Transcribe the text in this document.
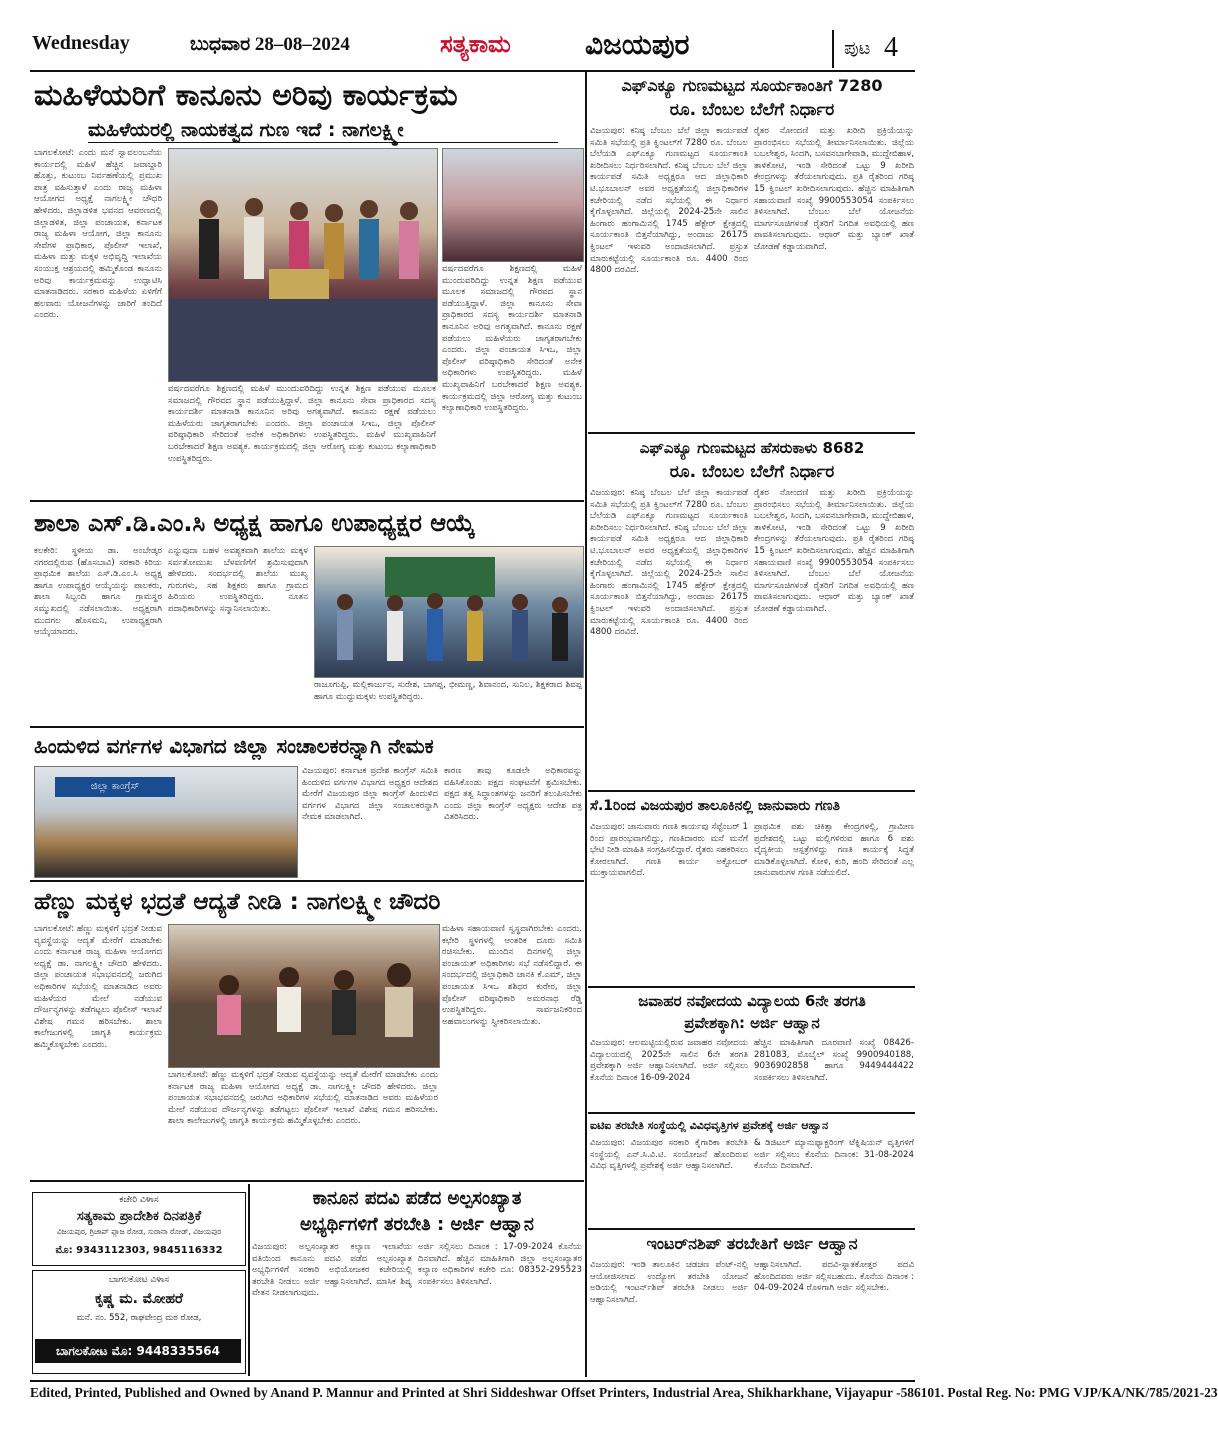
Wednesday	ಬುಧವಾರ 28–08–2024	ಸತ್ಯಕಾಮ	ವಿಜಯಪುರ	ಪುಟ 4
ಮಹಿಳೆಯರಿಗೆ ಕಾನೂನು ಅರಿವು ಕಾರ್ಯಕ್ರಮ
ಮಹಿಳೆಯರಲ್ಲಿ ನಾಯಕತ್ವದ ಗುಣ ಇದೆ : ನಾಗಲಕ್ಷ್ಮೀ
ಬಾಗಲಕೋಟೆ: ಎಂದು ಮನೆ ಸ್ವಾವಲಂಬನೆಯ ಕಾರ್ಯದಲ್ಲಿ ಮಹಿಳೆ ಹೆಚ್ಚಿನ ಜವಾಬ್ದಾರಿ ಹೊತ್ತು, ಕುಟುಂಬ ನಿರ್ವಹಣೆಯಲ್ಲಿ ಪ್ರಮುಖ ಪಾತ್ರ ವಹಿಸುತ್ತಾಳೆ ಎಂದು ರಾಜ್ಯ ಮಹಿಳಾ ಆಯೋಗದ ಅಧ್ಯಕ್ಷೆ ನಾಗಲಕ್ಷ್ಮೀ ಚೌಧರಿ ಹೇಳಿದರು. ಜಿಲ್ಲಾಡಳಿತ ಭವನದ ಆವರಣದಲ್ಲಿ ಜಿಲ್ಲಾಡಳಿತ, ಜಿಲ್ಲಾ ಪಂಚಾಯತ, ಕರ್ನಾಟಕ ರಾಜ್ಯ ಮಹಿಳಾ ಆಯೋಗ, ಜಿಲ್ಲಾ ಕಾನೂನು ಸೇವೆಗಳ ಪ್ರಾಧಿಕಾರ, ಪೊಲೀಸ್ ಇಲಾಖೆ, ಮಹಿಳಾ ಮತ್ತು ಮಕ್ಕಳ ಅಭಿವೃದ್ಧಿ ಇಲಾಖೆಯ ಸಂಯುಕ್ತ ಆಶ್ರಯದಲ್ಲಿ ಹಮ್ಮಿಕೊಂಡ ಕಾನೂನು ಅರಿವು ಕಾರ್ಯಕ್ರಮವನ್ನು ಉದ್ಘಾಟಿಸಿ ಮಾತನಾಡಿದರು. ಸರಕಾರ ಮಹಿಳೆಯ ಏಳಿಗೆಗೆ ಹಲವಾರು ಯೋಜನೆಗಳನ್ನು ಜಾರಿಗೆ ತಂದಿದೆ ಎಂದರು.
ವರ್ಷದವರೆಗೂ ಶಿಕ್ಷಣದಲ್ಲಿ ಮಹಿಳೆ ಮುಂದುವರಿದಿದ್ದು ಉನ್ನತ ಶಿಕ್ಷಣ ಪಡೆಯುವ ಮೂಲಕ ಸಮಾಜದಲ್ಲಿ ಗೌರವದ ಸ್ಥಾನ ಪಡೆಯುತ್ತಿದ್ದಾಳೆ. ಜಿಲ್ಲಾ ಕಾನೂನು ಸೇವಾ ಪ್ರಾಧಿಕಾರದ ಸದಸ್ಯ ಕಾರ್ಯದರ್ಶಿ ಮಾತನಾಡಿ ಕಾನೂನಿನ ಅರಿವು ಅಗತ್ಯವಾಗಿದೆ. ಕಾನೂನು ರಕ್ಷಣೆ ಪಡೆಯಲು ಮಹಿಳೆಯರು ಜಾಗೃತರಾಗಬೇಕು ಎಂದರು. ಜಿಲ್ಲಾ ಪಂಚಾಯತ ಸಿಇಒ, ಜಿಲ್ಲಾ ಪೊಲೀಸ್ ವರಿಷ್ಠಾಧಿಕಾರಿ ಸೇರಿದಂತೆ ಅನೇಕ ಅಧಿಕಾರಿಗಳು ಉಪಸ್ಥಿತರಿದ್ದರು. ಮಹಿಳೆ ಮುಖ್ಯವಾಹಿನಿಗೆ ಬರಬೇಕಾದರೆ ಶಿಕ್ಷಣ ಅವಶ್ಯಕ. ಕಾರ್ಯಕ್ರಮದಲ್ಲಿ ಜಿಲ್ಲಾ ಆರೋಗ್ಯ ಮತ್ತು ಕುಟುಂಬ ಕಲ್ಯಾಣಾಧಿಕಾರಿ ಉಪಸ್ಥಿತರಿದ್ದರು.
ವರ್ಷದವರೆಗೂ ಶಿಕ್ಷಣದಲ್ಲಿ ಮಹಿಳೆ ಮುಂದುವರಿದಿದ್ದು ಉನ್ನತ ಶಿಕ್ಷಣ ಪಡೆಯುವ ಮೂಲಕ ಸಮಾಜದಲ್ಲಿ ಗೌರವದ ಸ್ಥಾನ ಪಡೆಯುತ್ತಿದ್ದಾಳೆ. ಜಿಲ್ಲಾ ಕಾನೂನು ಸೇವಾ ಪ್ರಾಧಿಕಾರದ ಸದಸ್ಯ ಕಾರ್ಯದರ್ಶಿ ಮಾತನಾಡಿ ಕಾನೂನಿನ ಅರಿವು ಅಗತ್ಯವಾಗಿದೆ. ಕಾನೂನು ರಕ್ಷಣೆ ಪಡೆಯಲು ಮಹಿಳೆಯರು ಜಾಗೃತರಾಗಬೇಕು ಎಂದರು. ಜಿಲ್ಲಾ ಪಂಚಾಯತ ಸಿಇಒ, ಜಿಲ್ಲಾ ಪೊಲೀಸ್ ವರಿಷ್ಠಾಧಿಕಾರಿ ಸೇರಿದಂತೆ ಅನೇಕ ಅಧಿಕಾರಿಗಳು ಉಪಸ್ಥಿತರಿದ್ದರು. ಮಹಿಳೆ ಮುಖ್ಯವಾಹಿನಿಗೆ ಬರಬೇಕಾದರೆ ಶಿಕ್ಷಣ ಅವಶ್ಯಕ. ಕಾರ್ಯಕ್ರಮದಲ್ಲಿ ಜಿಲ್ಲಾ ಆರೋಗ್ಯ ಮತ್ತು ಕುಟುಂಬ ಕಲ್ಯಾಣಾಧಿಕಾರಿ ಉಪಸ್ಥಿತರಿದ್ದರು.
ಶಾಲಾ ಎಸ್.ಡಿ.ಎಂ.ಸಿ ಅಧ್ಯಕ್ಷ ಹಾಗೂ ಉಪಾಧ್ಯಕ್ಷರ ಆಯ್ಕೆ
ಕಲಕೇರಿ: ಸ್ಥಳೀಯ ಡಾ. ಅಂಬೇಡ್ಕರ ನಗರದಲ್ಲಿರುವ (ಹೊಸಬಾವಿ) ಸರಕಾರಿ ಕಿರಿಯ ಪ್ರಾಥಮಿಕ ಶಾಲೆಯ ಎಸ್.ಡಿ.ಎಂ.ಸಿ ಅಧ್ಯಕ್ಷ ಹಾಗೂ ಉಪಾಧ್ಯಕ್ಷರ ಆಯ್ಕೆಯನ್ನು ಪಾಲಕರು, ಶಾಲಾ ಸಿಬ್ಬಂದಿ ಹಾಗೂ ಗ್ರಾಮಸ್ಥರ ಸಮ್ಮುಖದಲ್ಲಿ ನಡೆಸಲಾಯಿತು. ಅಧ್ಯಕ್ಷರಾಗಿ ಮುದಗಲ ಹೊಸಮನಿ, ಉಪಾಧ್ಯಕ್ಷರಾಗಿ ಆಯ್ಕೆಯಾದರು.
ಎನ್ನುವುದಾ ಬಹಳ ಅವಶ್ಯಕವಾಗಿ ಶಾಲೆಯ ಮಕ್ಕಳ ಸರ್ವತೋಮುಖ ಬೆಳವಣಿಗೆಗೆ ಶ್ರಮಿಸುವುದಾಗಿ ಹೇಳಿದರು. ಸಂದರ್ಭದಲ್ಲಿ ಶಾಲೆಯ ಮುಖ್ಯ ಗುರುಗಳು, ಸಹ ಶಿಕ್ಷಕರು ಹಾಗೂ ಗ್ರಾಮದ ಹಿರಿಯರು ಉಪಸ್ಥಿತರಿದ್ದರು. ನೂತನ ಪದಾಧಿಕಾರಿಗಳನ್ನು ಸನ್ಮಾನಿಸಲಾಯಿತು.
ರಾಜೂಗುಪ್ಪಿ, ಮಲ್ಲಿಕಾರ್ಜುನ, ಸುರೇಶ, ಬಾಗಪ್ಪ, ಭೀಮಣ್ಣ, ಶಿವಾನಂದ, ಸುನಿಲ, ಶಿಕ್ಷಕರಾದ ಶಿವಪ್ಪ ಹಾಗೂ ಮುದ್ದುಮಕ್ಕಳು ಉಪಸ್ಥಿತರಿದ್ದರು.
ಹಿಂದುಳಿದ ವರ್ಗಗಳ ವಿಭಾಗದ ಜಿಲ್ಲಾ ಸಂಚಾಲಕರನ್ನಾಗಿ ನೇಮಕ
ಜಿಲ್ಲಾ ಕಾಂಗ್ರೆಸ್
ವಿಜಯಪುರ: ಕರ್ನಾಟಕ ಪ್ರದೇಶ ಕಾಂಗ್ರೆಸ್ ಸಮಿತಿ ಹಿಂದುಳಿದ ವರ್ಗಗಳ ವಿಭಾಗದ ಅಧ್ಯಕ್ಷರ ಆದೇಶದ ಮೇರೆಗೆ ವಿಜಯಪುರ ಜಿಲ್ಲಾ ಕಾಂಗ್ರೆಸ್ ಹಿಂದುಳಿದ ವರ್ಗಗಳ ವಿಭಾಗದ ಜಿಲ್ಲಾ ಸಂಚಾಲಕರನ್ನಾಗಿ ನೇಮಕ ಮಾಡಲಾಗಿದೆ.
ಕಾರಣ ತಾವು ಕೂಡಲೇ ಅಧಿಕಾರವನ್ನು ವಹಿಸಿಕೊಂಡು ಪಕ್ಷದ ಸಂಘಟನೆಗೆ ಶ್ರಮಿಸಬೇಕು. ಪಕ್ಷದ ತತ್ವ ಸಿದ್ಧಾಂತಗಳನ್ನು ಜನರಿಗೆ ತಲುಪಿಸಬೇಕು ಎಂದು ಜಿಲ್ಲಾ ಕಾಂಗ್ರೆಸ್ ಅಧ್ಯಕ್ಷರು ಆದೇಶ ಪತ್ರ ವಿತರಿಸಿದರು.
ಹೆಣ್ಣು ಮಕ್ಕಳ ಭದ್ರತೆ ಆದ್ಯತೆ ನೀಡಿ : ನಾಗಲಕ್ಷ್ಮೀ ಚೌದರಿ
ಬಾಗಲಕೋಟೆ: ಹೆಣ್ಣು ಮಕ್ಕಳಿಗೆ ಭದ್ರತೆ ನೀಡುವ ವ್ಯವಸ್ಥೆಯನ್ನು ಆದ್ಯತೆ ಮೇರೆಗೆ ಮಾಡಬೇಕು ಎಂದು ಕರ್ನಾಟಕ ರಾಜ್ಯ ಮಹಿಳಾ ಆಯೋಗದ ಅಧ್ಯಕ್ಷೆ ಡಾ. ನಾಗಲಕ್ಷ್ಮೀ ಚೌದರಿ ಹೇಳಿದರು. ಜಿಲ್ಲಾ ಪಂಚಾಯತ ಸಭಾಭವನದಲ್ಲಿ ಜರುಗಿದ ಅಧಿಕಾರಿಗಳ ಸಭೆಯಲ್ಲಿ ಮಾತನಾಡಿದ ಅವರು ಮಹಿಳೆಯರ ಮೇಲೆ ನಡೆಯುವ ದೌರ್ಜನ್ಯಗಳನ್ನು ತಡೆಗಟ್ಟಲು ಪೊಲೀಸ್ ಇಲಾಖೆ ವಿಶೇಷ ಗಮನ ಹರಿಸಬೇಕು. ಶಾಲಾ ಕಾಲೇಜುಗಳಲ್ಲಿ ಜಾಗೃತಿ ಕಾರ್ಯಕ್ರಮ ಹಮ್ಮಿಕೊಳ್ಳಬೇಕು ಎಂದರು.
ಮಹಿಳಾ ಸಹಾಯವಾಣಿ ಸ್ವಸ್ಥವಾಗಿರಬೇಕು ಎಂದರು. ಕಛೇರಿ ಸ್ಥಳಗಳಲ್ಲಿ ಆಂತರಿಕ ದೂರು ಸಮಿತಿ ರಚಿಸಬೇಕು. ಮುಂದಿನ ದಿನಗಳಲ್ಲಿ ಜಿಲ್ಲಾ ಪಂಚಾಯತ್ ಅಧಿಕಾರಿಗಳು ಸಭೆ ನಡೆಸಲಿದ್ದಾರೆ. ಈ ಸಂದರ್ಭದಲ್ಲಿ ಜಿಲ್ಲಾಧಿಕಾರಿ ಜಾನಕಿ ಕೆ.ಎಮ್, ಜಿಲ್ಲಾ ಪಂಚಾಯತ ಸಿಇಒ ಶಶಿಧರ ಕುರೇರ, ಜಿಲ್ಲಾ ಪೊಲೀಸ್ ವರಿಷ್ಠಾಧಿಕಾರಿ ಅಮರನಾಥ ರೆಡ್ಡಿ ಉಪಸ್ಥಿತರಿದ್ದರು. ಸಾರ್ವಜನಿಕರಿಂದ ಅಹವಾಲುಗಳನ್ನು ಸ್ವೀಕರಿಸಲಾಯಿತು.
ಬಾಗಲಕೋಟೆ: ಹೆಣ್ಣು ಮಕ್ಕಳಿಗೆ ಭದ್ರತೆ ನೀಡುವ ವ್ಯವಸ್ಥೆಯನ್ನು ಆದ್ಯತೆ ಮೇರೆಗೆ ಮಾಡಬೇಕು ಎಂದು ಕರ್ನಾಟಕ ರಾಜ್ಯ ಮಹಿಳಾ ಆಯೋಗದ ಅಧ್ಯಕ್ಷೆ ಡಾ. ನಾಗಲಕ್ಷ್ಮೀ ಚೌದರಿ ಹೇಳಿದರು. ಜಿಲ್ಲಾ ಪಂಚಾಯತ ಸಭಾಭವನದಲ್ಲಿ ಜರುಗಿದ ಅಧಿಕಾರಿಗಳ ಸಭೆಯಲ್ಲಿ ಮಾತನಾಡಿದ ಅವರು ಮಹಿಳೆಯರ ಮೇಲೆ ನಡೆಯುವ ದೌರ್ಜನ್ಯಗಳನ್ನು ತಡೆಗಟ್ಟಲು ಪೊಲೀಸ್ ಇಲಾಖೆ ವಿಶೇಷ ಗಮನ ಹರಿಸಬೇಕು. ಶಾಲಾ ಕಾಲೇಜುಗಳಲ್ಲಿ ಜಾಗೃತಿ ಕಾರ್ಯಕ್ರಮ ಹಮ್ಮಿಕೊಳ್ಳಬೇಕು ಎಂದರು.
ಕಚೇರಿ ವಿಳಾಸ
ಸತ್ಯಕಾಮ ಪ್ರಾದೇಶಿಕ ದಿನಪತ್ರಿಕೆ
ವಿಜಯಪುರ, ಗ್ರಿಜಾಪ್ ಪ್ಲಾಜ ರೋಡ, ಸುರಾನಾ ರೋಡ್, ವಿಜಯಪುರ
ಮೊ: 9343112303, 9845116332
ಬಾಗಲಕೋಟ ವಿಳಾಸ
ಕೃಷ್ಣ ಮ. ಮೋಹರೆ
ಮನೆ. ನಂ. 552, ರಾಘವೇಂದ್ರ ಮಠ ರೋಡ,
ಬಾಗಲಕೋಟ ಮೊ: 9448335564
ಕಾನೂನ ಪದವಿ ಪಡೆದ ಅಲ್ಪಸಂಖ್ಯಾತ
ಅಭ್ಯರ್ಥಿಗಳಿಗೆ ತರಬೇತಿ : ಅರ್ಜಿ ಆಹ್ವಾನ
ವಿಜಯಪುರ: ಅಲ್ಪಸಂಖ್ಯಾತರ ಕಲ್ಯಾಣ ಇಲಾಖೆಯ ವತಿಯಿಂದ ಕಾನೂನು ಪದವಿ ಪಡೆದ ಅಲ್ಪಸಂಖ್ಯಾತ ಅಭ್ಯರ್ಥಿಗಳಿಗೆ ಸರಕಾರಿ ಅಭಿಯೋಜಕರ ಕಚೇರಿಯಲ್ಲಿ ತರಬೇತಿ ನೀಡಲು ಅರ್ಜಿ ಆಹ್ವಾನಿಸಲಾಗಿದೆ. ಮಾಸಿಕ ಶಿಷ್ಯ ವೇತನ ನೀಡಲಾಗುವುದು.
ಅರ್ಜಿ ಸಲ್ಲಿಸಲು ದಿನಾಂಕ : 17-09-2024 ಕೊನೆಯ ದಿನವಾಗಿದೆ. ಹೆಚ್ಚಿನ ಮಾಹಿತಿಗಾಗಿ ಜಿಲ್ಲಾ ಅಲ್ಪಸಂಖ್ಯಾತರ ಕಲ್ಯಾಣ ಅಧಿಕಾರಿಗಳ ಕಚೇರಿ ದೂ: 08352-295523 ಸಂಪರ್ಕಿಸಲು ತಿಳಿಸಲಾಗಿದೆ.
ಎಫ್‌ಎಕ್ಯೂ ಗುಣಮಟ್ಟದ ಸೂರ್ಯಕಾಂತಿಗೆ 7280
ರೂ. ಬೆಂಬಲ ಬೆಲೆಗೆ ನಿರ್ಧಾರ
ವಿಜಯಪುರ: ಕನಿಷ್ಠ ಬೆಂಬಲ ಬೆಲೆ ಜಿಲ್ಲಾ ಕಾರ್ಯಪಡೆ ಸಮಿತಿ ಸಭೆಯಲ್ಲಿ ಪ್ರತಿ ಕ್ವಿಂಟಲ್‌ಗೆ 7280 ರೂ. ಬೆಂಬಲ ಬೆಲೆಯಡಿ ಎಫ್‌ಎಕ್ಯೂ ಗುಣಮಟ್ಟದ ಸೂರ್ಯಕಾಂತಿ ಖರೀದಿಸಲು ನಿರ್ಧರಿಸಲಾಗಿದೆ. ಕನಿಷ್ಠ ಬೆಂಬಲ ಬೆಲೆ ಜಿಲ್ಲಾ ಕಾರ್ಯಪಡೆ ಸಮಿತಿ ಅಧ್ಯಕ್ಷರೂ ಆದ ಜಿಲ್ಲಾಧಿಕಾರಿ ಟಿ.ಭೂಬಾಲನ್ ಅವರ ಅಧ್ಯಕ್ಷತೆಯಲ್ಲಿ ಜಿಲ್ಲಾಧಿಕಾರಿಗಳ ಕಚೇರಿಯಲ್ಲಿ ನಡೆದ ಸಭೆಯಲ್ಲಿ ಈ ನಿರ್ಧಾರ ಕೈಗೊಳ್ಳಲಾಗಿದೆ. ಜಿಲ್ಲೆಯಲ್ಲಿ 2024-25ನೇ ಸಾಲಿನ ಹಿಂಗಾರು ಹಂಗಾಮಿನಲ್ಲಿ 1745 ಹೆಕ್ಟೇರ್ ಕ್ಷೇತ್ರದಲ್ಲಿ ಸೂರ್ಯಕಾಂತಿ ಬಿತ್ತನೆಯಾಗಿದ್ದು, ಅಂದಾಜು 26175 ಕ್ವಿಂಟಲ್ ಇಳುವರಿ ಅಂದಾಜಿಸಲಾಗಿದೆ. ಪ್ರಸ್ತುತ ಮಾರುಕಟ್ಟೆಯಲ್ಲಿ ಸೂರ್ಯಕಾಂತಿ ರೂ. 4400 ರಿಂದ 4800 ದರವಿದೆ.
ರೈತರ ನೋಂದಣಿ ಮತ್ತು ಖರೀದಿ ಪ್ರಕ್ರಿಯೆಯನ್ನು ಪ್ರಾರಂಭಿಸಲು ಸಭೆಯಲ್ಲಿ ತೀರ್ಮಾನಿಸಲಾಯಿತು. ಜಿಲ್ಲೆಯ ಬಬಲೇಶ್ವರ, ಸಿಂದಗಿ, ಬಸವನಬಾಗೇವಾಡಿ, ಮುದ್ದೇಬಿಹಾಳ, ತಾಳಿಕೋಟಿ, ಇಂಡಿ ಸೇರಿದಂತೆ ಒಟ್ಟು 9 ಖರೀದಿ ಕೇಂದ್ರಗಳನ್ನು ತೆರೆಯಲಾಗುವುದು. ಪ್ರತಿ ರೈತರಿಂದ ಗರಿಷ್ಠ 15 ಕ್ವಿಂಟಲ್ ಖರೀದಿಸಲಾಗುವುದು. ಹೆಚ್ಚಿನ ಮಾಹಿತಿಗಾಗಿ ಸಹಾಯವಾಣಿ ಸಂಖ್ಯೆ 9900553054 ಸಂಪರ್ಕಿಸಲು ತಿಳಿಸಲಾಗಿದೆ. ಬೆಂಬಲ ಬೆಲೆ ಯೋಜನೆಯ ಮಾರ್ಗಸೂಚಿಗಳಂತೆ ರೈತರಿಗೆ ನಿಗದಿತ ಅವಧಿಯಲ್ಲಿ ಹಣ ಪಾವತಿಸಲಾಗುವುದು. ಆಧಾರ್ ಮತ್ತು ಬ್ಯಾಂಕ್ ಖಾತೆ ಜೋಡಣೆ ಕಡ್ಡಾಯವಾಗಿದೆ.
ಎಫ್‌ಎಕ್ಯೂ ಗುಣಮಟ್ಟದ ಹೆಸರುಕಾಳು 8682
ರೂ. ಬೆಂಬಲ ಬೆಲೆಗೆ ನಿರ್ಧಾರ
ವಿಜಯಪುರ: ಕನಿಷ್ಠ ಬೆಂಬಲ ಬೆಲೆ ಜಿಲ್ಲಾ ಕಾರ್ಯಪಡೆ ಸಮಿತಿ ಸಭೆಯಲ್ಲಿ ಪ್ರತಿ ಕ್ವಿಂಟಲ್‌ಗೆ 7280 ರೂ. ಬೆಂಬಲ ಬೆಲೆಯಡಿ ಎಫ್‌ಎಕ್ಯೂ ಗುಣಮಟ್ಟದ ಸೂರ್ಯಕಾಂತಿ ಖರೀದಿಸಲು ನಿರ್ಧರಿಸಲಾಗಿದೆ. ಕನಿಷ್ಠ ಬೆಂಬಲ ಬೆಲೆ ಜಿಲ್ಲಾ ಕಾರ್ಯಪಡೆ ಸಮಿತಿ ಅಧ್ಯಕ್ಷರೂ ಆದ ಜಿಲ್ಲಾಧಿಕಾರಿ ಟಿ.ಭೂಬಾಲನ್ ಅವರ ಅಧ್ಯಕ್ಷತೆಯಲ್ಲಿ ಜಿಲ್ಲಾಧಿಕಾರಿಗಳ ಕಚೇರಿಯಲ್ಲಿ ನಡೆದ ಸಭೆಯಲ್ಲಿ ಈ ನಿರ್ಧಾರ ಕೈಗೊಳ್ಳಲಾಗಿದೆ. ಜಿಲ್ಲೆಯಲ್ಲಿ 2024-25ನೇ ಸಾಲಿನ ಹಿಂಗಾರು ಹಂಗಾಮಿನಲ್ಲಿ 1745 ಹೆಕ್ಟೇರ್ ಕ್ಷೇತ್ರದಲ್ಲಿ ಸೂರ್ಯಕಾಂತಿ ಬಿತ್ತನೆಯಾಗಿದ್ದು, ಅಂದಾಜು 26175 ಕ್ವಿಂಟಲ್ ಇಳುವರಿ ಅಂದಾಜಿಸಲಾಗಿದೆ. ಪ್ರಸ್ತುತ ಮಾರುಕಟ್ಟೆಯಲ್ಲಿ ಸೂರ್ಯಕಾಂತಿ ರೂ. 4400 ರಿಂದ 4800 ದರವಿದೆ.
ರೈತರ ನೋಂದಣಿ ಮತ್ತು ಖರೀದಿ ಪ್ರಕ್ರಿಯೆಯನ್ನು ಪ್ರಾರಂಭಿಸಲು ಸಭೆಯಲ್ಲಿ ತೀರ್ಮಾನಿಸಲಾಯಿತು. ಜಿಲ್ಲೆಯ ಬಬಲೇಶ್ವರ, ಸಿಂದಗಿ, ಬಸವನಬಾಗೇವಾಡಿ, ಮುದ್ದೇಬಿಹಾಳ, ತಾಳಿಕೋಟಿ, ಇಂಡಿ ಸೇರಿದಂತೆ ಒಟ್ಟು 9 ಖರೀದಿ ಕೇಂದ್ರಗಳನ್ನು ತೆರೆಯಲಾಗುವುದು. ಪ್ರತಿ ರೈತರಿಂದ ಗರಿಷ್ಠ 15 ಕ್ವಿಂಟಲ್ ಖರೀದಿಸಲಾಗುವುದು. ಹೆಚ್ಚಿನ ಮಾಹಿತಿಗಾಗಿ ಸಹಾಯವಾಣಿ ಸಂಖ್ಯೆ 9900553054 ಸಂಪರ್ಕಿಸಲು ತಿಳಿಸಲಾಗಿದೆ. ಬೆಂಬಲ ಬೆಲೆ ಯೋಜನೆಯ ಮಾರ್ಗಸೂಚಿಗಳಂತೆ ರೈತರಿಗೆ ನಿಗದಿತ ಅವಧಿಯಲ್ಲಿ ಹಣ ಪಾವತಿಸಲಾಗುವುದು. ಆಧಾರ್ ಮತ್ತು ಬ್ಯಾಂಕ್ ಖಾತೆ ಜೋಡಣೆ ಕಡ್ಡಾಯವಾಗಿದೆ.
ಸೆ.1ರಿಂದ ವಿಜಯಪುರ ತಾಲೂಕಿನಲ್ಲಿ ಜಾನುವಾರು ಗಣತಿ
ವಿಜಯಪುರ: ಜಾನುವಾರು ಗಣತಿ ಕಾರ್ಯವು ಸೆಪ್ಟೆಂಬರ್ 1 ರಿಂದ ಪ್ರಾರಂಭವಾಗಲಿದ್ದು, ಗಣತಿದಾರರು ಮನೆ ಮನೆಗೆ ಭೇಟಿ ನೀಡಿ ಮಾಹಿತಿ ಸಂಗ್ರಹಿಸಲಿದ್ದಾರೆ. ರೈತರು ಸಹಕರಿಸಲು ಕೋರಲಾಗಿದೆ. ಗಣತಿ ಕಾರ್ಯ ಅಕ್ಟೋಬರ್ ಮುಕ್ತಾಯವಾಗಲಿದೆ.
ಪ್ರಾಥಮಿಕ ಪಶು ಚಿಕಿತ್ಸಾ ಕೇಂದ್ರಗಳಲ್ಲಿ, ಗ್ರಾಮೀಣ ಪ್ರದೇಶದಲ್ಲಿ ಒಟ್ಟು ಮಲ್ಲಿಗಳಿರುವ ಹಾಗೂ 6 ಪಶು ವೈದ್ಯಕೀಯ ಆಸ್ಪತ್ರೆಗಳಿದ್ದು ಗಣತಿ ಕಾರ್ಯಕ್ಕೆ ಸಿದ್ಧತೆ ಮಾಡಿಕೊಳ್ಳಲಾಗಿದೆ. ಕೋಳಿ, ಕುರಿ, ಹಂದಿ ಸೇರಿದಂತೆ ಎಲ್ಲ ಜಾನುವಾರುಗಳ ಗಣತಿ ನಡೆಯಲಿದೆ.
ಜವಾಹರ ನವೋದಯ ವಿದ್ಯಾಲಯ 6ನೇ ತರಗತಿ
ಪ್ರವೇಶಕ್ಕಾಗಿ: ಅರ್ಜಿ ಆಹ್ವಾನ
ವಿಜಯಪುರ: ಆಲಮಟ್ಟಿಯಲ್ಲಿರುವ ಜವಾಹರ ನವೋದಯ ವಿದ್ಯಾಲಯದಲ್ಲಿ 2025ನೇ ಸಾಲಿನ 6ನೇ ತರಗತಿ ಪ್ರವೇಶಕ್ಕಾಗಿ ಅರ್ಜಿ ಆಹ್ವಾನಿಸಲಾಗಿದೆ. ಅರ್ಜಿ ಸಲ್ಲಿಸಲು ಕೊನೆಯ ದಿನಾಂಕ 16-09-2024
ಹೆಚ್ಚಿನ ಮಾಹಿತಿಗಾಗಿ ದೂರವಾಣಿ ಸಂಖ್ಯೆ 08426-281083, ಮೊಬೈಲ್ ಸಂಖ್ಯೆ 9900940188, 9036902858 ಹಾಗೂ 9449444422 ಸಂಪರ್ಕಿಸಲು ತಿಳಿಸಲಾಗಿದೆ.
ಐಟಿಐ ತರಬೇತಿ ಸಂಸ್ಥೆಯಲ್ಲಿ ವಿವಿಧವೃತ್ತಿಗಳ ಪ್ರವೇಶಕ್ಕೆ ಅರ್ಜಿ ಆಹ್ವಾನ
ವಿಜಯಪುರ: ವಿಜಯಪುರ ಸರಕಾರಿ ಕೈಗಾರಿಕಾ ತರಬೇತಿ ಸಂಸ್ಥೆಯಲ್ಲಿ ಎನ್.ಸಿ.ವಿ.ಟಿ. ಸಂಯೋಜನೆ ಹೊಂದಿರುವ ವಿವಿಧ ವೃತ್ತಿಗಳಲ್ಲಿ ಪ್ರವೇಶಕ್ಕೆ ಅರ್ಜಿ ಆಹ್ವಾನಿಸಲಾಗಿದೆ.
& ಡಿಜಿಟಲ್ ಮ್ಯಾನುಫ್ಯಾಕ್ಚರಿಂಗ್ ಟೆಕ್ನಿಷಿಯನ್ ವೃತ್ತಿಗಳಿಗೆ ಅರ್ಜಿ ಸಲ್ಲಿಸಲು ಕೊನೆಯ ದಿನಾಂಕ: 31-08-2024 ಕೊನೆಯ ದಿನವಾಗಿದೆ.
ಇಂಟರ್‌ನಶಿಪ್ ತರಬೇತಿಗೆ ಅರ್ಜಿ ಆಹ್ವಾನ
ವಿಜಯಪುರ: ಇಂಡಿ ತಾಲೂಕಿನ ಚಡಚಣ ಪೆಂಟ್-ನಲ್ಲಿ ಆಯೋಜಿಸಲಾದ ಉದ್ಯೋಗ ತರಬೇತಿ ಯೋಜನೆ ಅಡಿಯಲ್ಲಿ ಇಂಟರ್ನ್‌ಶಿಪ್ ತರಬೇತಿ ನೀಡಲು ಅರ್ಜಿ ಆಹ್ವಾನಿಸಲಾಗಿದೆ.
ಆಹ್ವಾನಿಸಲಾಗಿದೆ. ಪದವಿ-ಸ್ನಾತಕೋತ್ತರ ಪದವಿ ಹೊಂದಿದವರು ಅರ್ಜಿ ಸಲ್ಲಿಸಬಹುದು. ಕೊನೆಯ ದಿನಾಂಕ : 04-09-2024 ರೊಳಗಾಗಿ ಅರ್ಜಿ ಸಲ್ಲಿಸಬೇಕು.
Edited, Printed, Published and Owned by Anand P. Mannur and Printed at Shri Siddeshwar Offset Printers, Industrial Area, Shikharkhane, Vijayapur -586101. Postal Reg. No: PMG VJP/KA/NK/785/2021-23
